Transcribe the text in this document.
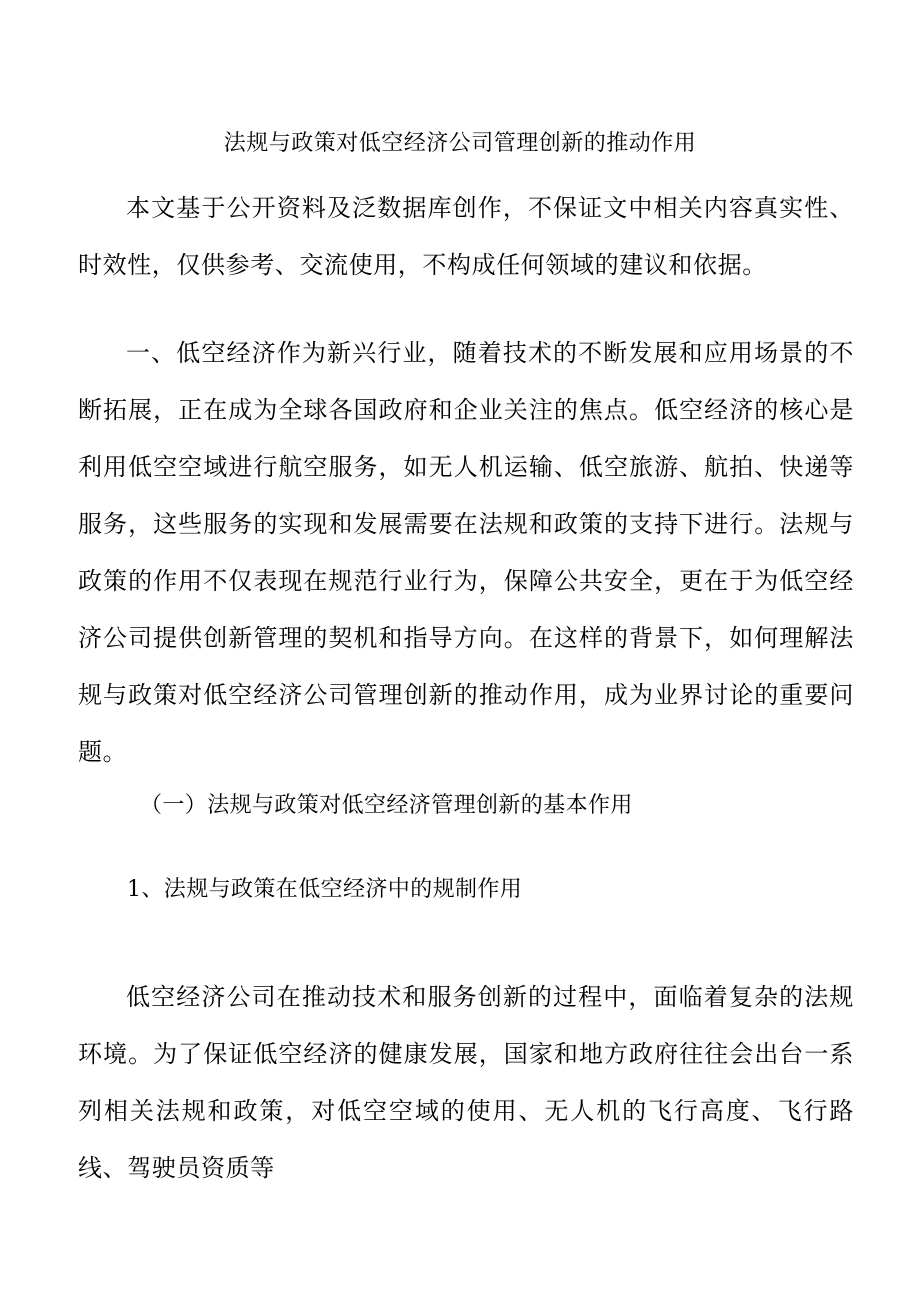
法规与政策对低空经济公司管理创新的推动作用

本文基于公开资料及泛数据库创作，不保证文中相关内容真实性、时效性，仅供参考、交流使用，不构成任何领域的建议和依据。

一、低空经济作为新兴行业，随着技术的不断发展和应用场景的不断拓展，正在成为全球各国政府和企业关注的焦点。低空经济的核心是利用低空空域进行航空服务，如无人机运输、低空旅游、航拍、快递等服务，这些服务的实现和发展需要在法规和政策的支持下进行。法规与政策的作用不仅表现在规范行业行为，保障公共安全，更在于为低空经济公司提供创新管理的契机和指导方向。在这样的背景下，如何理解法规与政策对低空经济公司管理创新的推动作用，成为业界讨论的重要问题。

（一）法规与政策对低空经济管理创新的基本作用
1、法规与政策在低空经济中的规制作用

低空经济公司在推动技术和服务创新的过程中，面临着复杂的法规环境。为了保证低空经济的健康发展，国家和地方政府往往会出台一系列相关法规和政策，对低空空域的使用、无人机的飞行高度、飞行路线、驾驶员资质等
